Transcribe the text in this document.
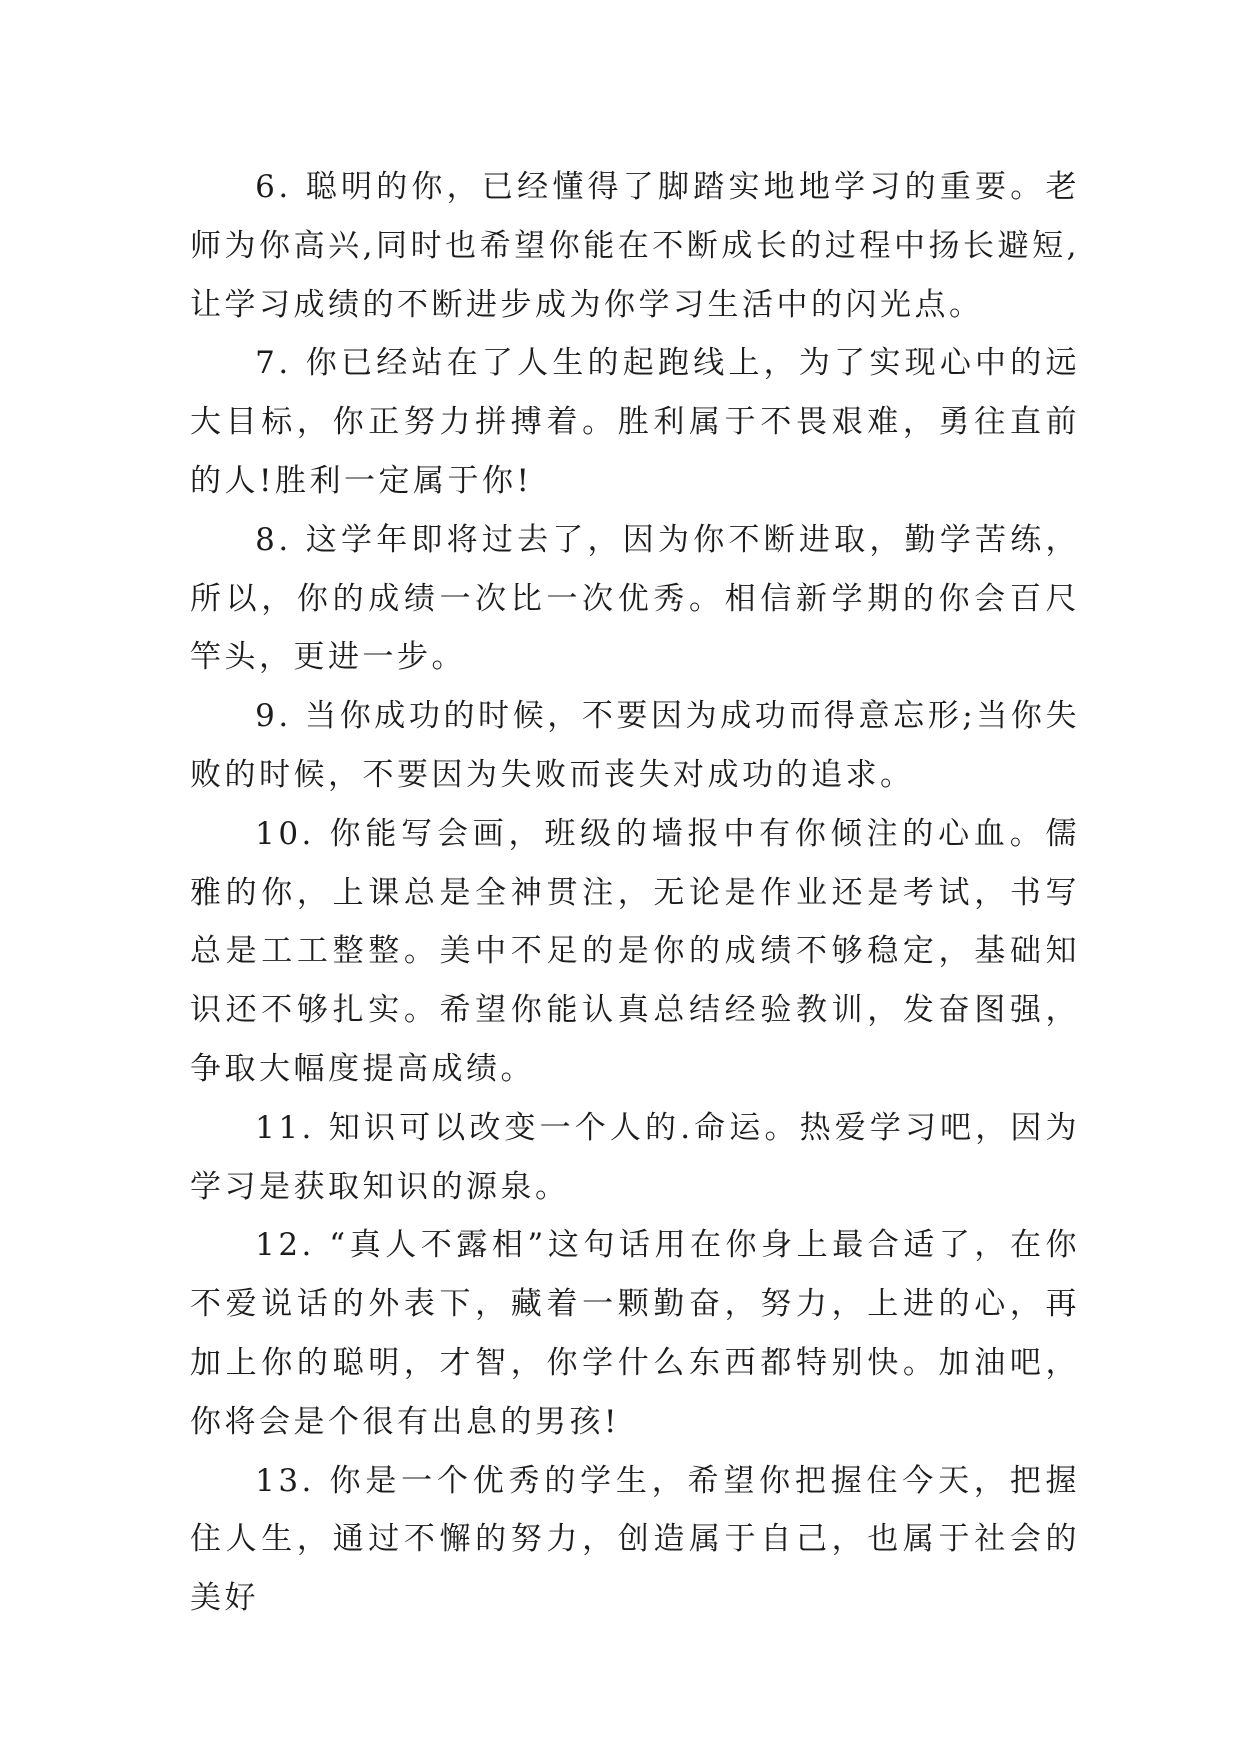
6. 聪明的你，已经懂得了脚踏实地地学习的重要。老师为你高兴,同时也希望你能在不断成长的过程中扬长避短,让学习成绩的不断进步成为你学习生活中的闪光点。

7. 你已经站在了人生的起跑线上，为了实现心中的远大目标，你正努力拼搏着。胜利属于不畏艰难，勇往直前的人!胜利一定属于你!

8. 这学年即将过去了，因为你不断进取，勤学苦练，所以，你的成绩一次比一次优秀。相信新学期的你会百尺竿头，更进一步。

9. 当你成功的时候，不要因为成功而得意忘形;当你失败的时候，不要因为失败而丧失对成功的追求。

10. 你能写会画，班级的墙报中有你倾注的心血。儒雅的你，上课总是全神贯注，无论是作业还是考试，书写总是工工整整。美中不足的是你的成绩不够稳定，基础知识还不够扎实。希望你能认真总结经验教训，发奋图强，争取大幅度提高成绩。

11. 知识可以改变一个人的.命运。热爱学习吧，因为学习是获取知识的源泉。

12. “真人不露相”这句话用在你身上最合适了，在你不爱说话的外表下，藏着一颗勤奋，努力，上进的心，再加上你的聪明，才智，你学什么东西都特别快。加油吧，你将会是个很有出息的男孩!

13. 你是一个优秀的学生，希望你把握住今天，把握住人生，通过不懈的努力，创造属于自己，也属于社会的美好
